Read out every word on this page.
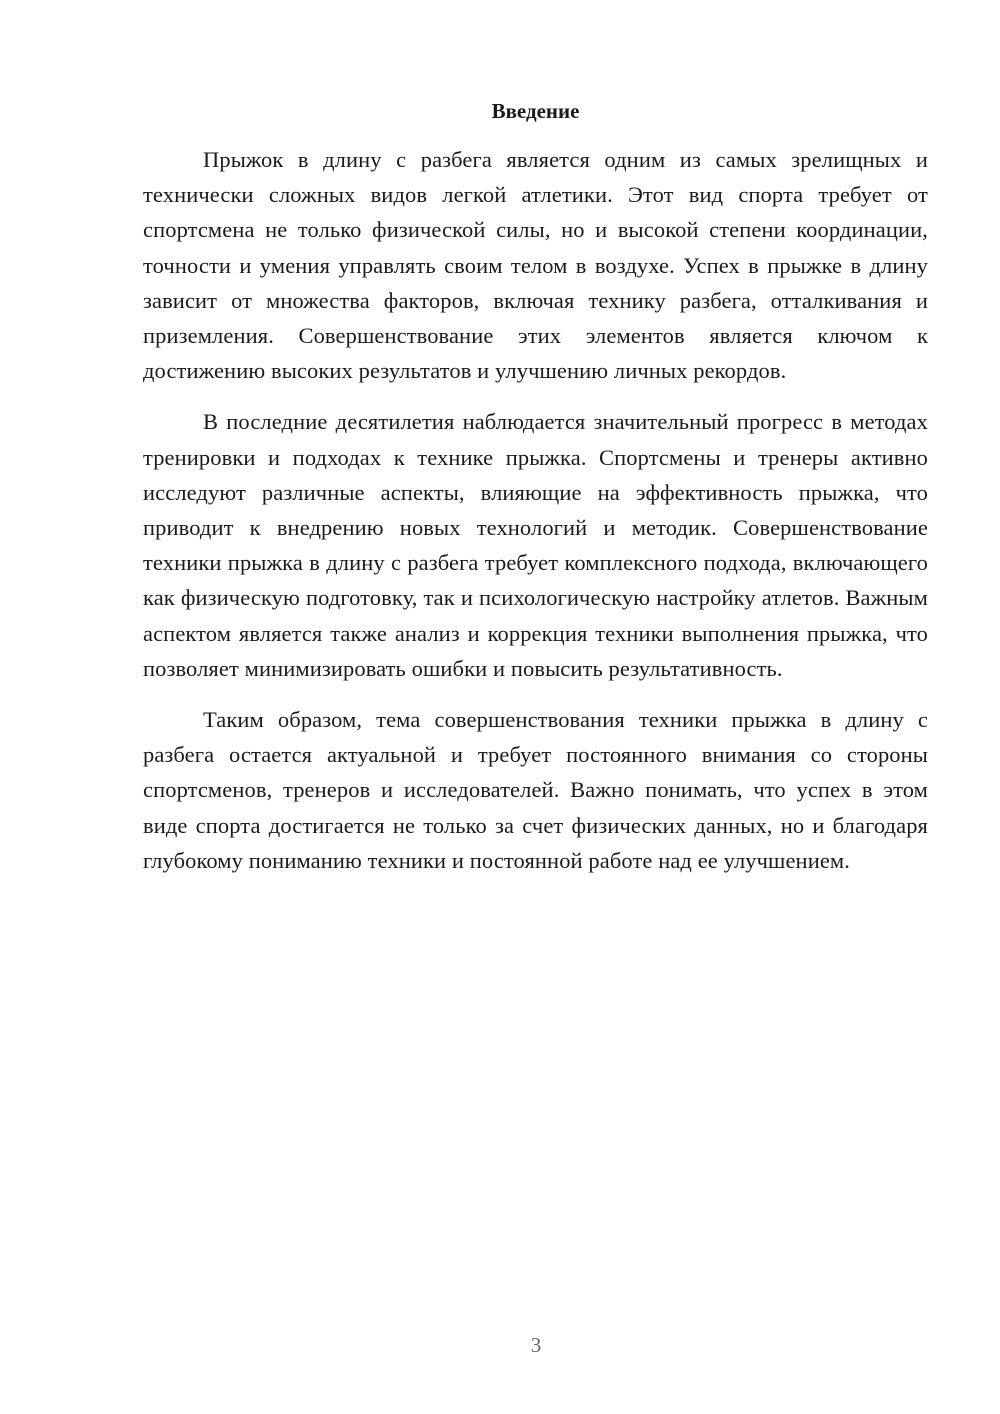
Введение

Прыжок в длину с разбега является одним из самых зрелищных и технически сложных видов легкой атлетики. Этот вид спорта требует от спортсмена не только физической силы, но и высокой степени координации, точности и умения управлять своим телом в воздухе. Успех в прыжке в длину зависит от множества факторов, включая технику разбега, отталкивания и приземления. Совершенствование этих элементов является ключом к достижению высоких результатов и улучшению личных рекордов.

В последние десятилетия наблюдается значительный прогресс в методах тренировки и подходах к технике прыжка. Спортсмены и тренеры активно исследуют различные аспекты, влияющие на эффективность прыжка, что приводит к внедрению новых технологий и методик. Совершенствование техники прыжка в длину с разбега требует комплексного подхода, включающего как физическую подготовку, так и психологическую настройку атлетов. Важным аспектом является также анализ и коррекция техники выполнения прыжка, что позволяет минимизировать ошибки и повысить результативность.

Таким образом, тема совершенствования техники прыжка в длину с разбега остается актуальной и требует постоянного внимания со стороны спортсменов, тренеров и исследователей. Важно понимать, что успех в этом виде спорта достигается не только за счет физических данных, но и благодаря глубокому пониманию техники и постоянной работе над ее улучшением.

3
